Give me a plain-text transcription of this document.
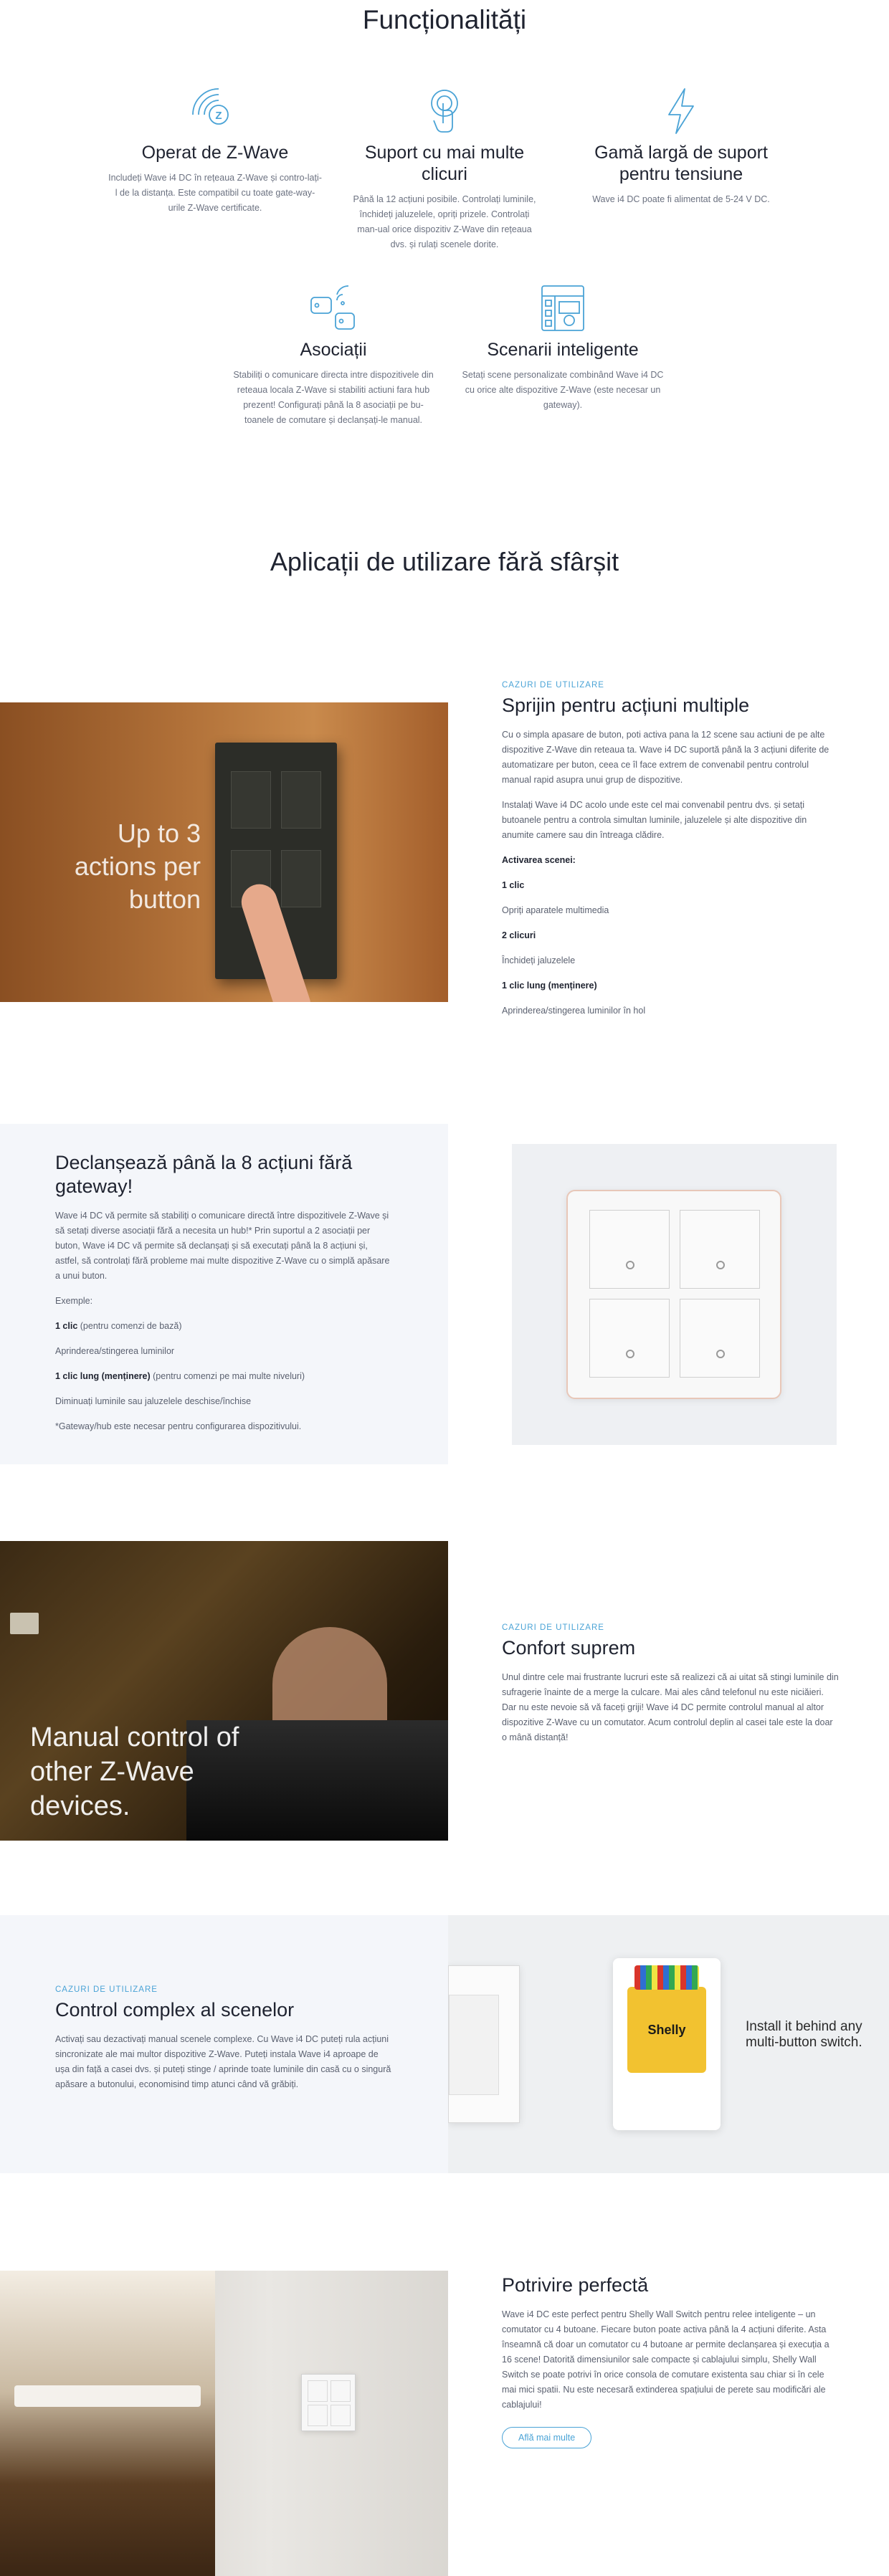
Funcționalități
Z
Operat de Z-Wave

Includeți Wave i4 DC în rețeaua Z-Wave și contro-lați-l de la distanța. Este compatibil cu toate gate-way-urile Z-Wave certificate.

Suport cu mai multe clicuri

Până la 12 acțiuni posibile. Controlați luminile, închideți jaluzelele, opriți prizele. Controlați man-ual orice dispozitiv Z-Wave din rețeaua dvs. și rulați scenele dorite.

Gamă largă de suport pentru tensiune

Wave i4 DC poate fi alimentat de 5-24 V DC.

Asociații

Stabiliți o comunicare directa intre dispozitivele din reteaua locala Z-Wave si stabiliti actiuni fara hub prezent! Configurați până la 8 asociații pe bu-toanele de comutare și declanșați-le manual.

Scenarii inteligente

Setați scene personalizate combinând Wave i4 DC cu orice alte dispozitive Z-Wave (este necesar un gateway).

Aplicații de utilizare fără sfârșit
Up to 3 actions per button
CAZURI DE UTILIZARE
Sprijin pentru acțiuni multiple

Cu o simpla apasare de buton, poti activa pana la 12 scene sau actiuni de pe alte dispozitive Z-Wave din reteaua ta. Wave i4 DC suportă până la 3 acțiuni diferite de automatizare per buton, ceea ce îl face extrem de convenabil pentru controlul manual rapid asupra unui grup de dispozitive.

Instalați Wave i4 DC acolo unde este cel mai convenabil pentru dvs. și setați butoanele pentru a controla simultan luminile, jaluzelele și alte dispozitive din anumite camere sau din întreaga clădire.

Activarea scenei:

1 clic

Opriți aparatele multimedia

2 clicuri

Închideți jaluzelele

1 clic lung (menținere)

Aprinderea/stingerea luminilor în hol

Declanșează până la 8 acțiuni fără gateway!

Wave i4 DC vă permite să stabiliți o comunicare directă între dispozitivele Z-Wave și să setați diverse asociații fără a necesita un hub!* Prin suportul a 2 asociații per buton, Wave i4 DC vă permite să declanșați și să executați până la 8 acțiuni și, astfel, să controlați fără probleme mai multe dispozitive Z-Wave cu o simplă apăsare a unui buton.

Exemple:

1 clic (pentru comenzi de bază)

Aprinderea/stingerea luminilor

1 clic lung (menținere) (pentru comenzi pe mai multe niveluri)

Diminuați luminile sau jaluzelele deschise/închise

*Gateway/hub este necesar pentru configurarea dispozitivului.

Manual control of other Z-Wave devices.
CAZURI DE UTILIZARE
Confort suprem

Unul dintre cele mai frustrante lucruri este să realizezi că ai uitat să stingi luminile din sufragerie înainte de a merge la culcare. Mai ales când telefonul nu este niciăieri. Dar nu este nevoie să vă faceți griji! Wave i4 DC permite controlul manual al altor dispozitive Z-Wave cu un comutator. Acum controlul deplin al casei tale este la doar o mână distanță!

CAZURI DE UTILIZARE
Control complex al scenelor

Activați sau dezactivați manual scenele complexe. Cu Wave i4 DC puteți rula acțiuni sincronizate ale mai multor dispozitive Z-Wave. Puteți instala Wave i4 aproape de ușa din față a casei dvs. și puteți stinge / aprinde toate luminile din casă cu o singură apăsare a butonului, economisind timp atunci când vă grăbiți.

Shelly	Install it behind any multi-button switch.
Potrivire perfectă

Wave i4 DC este perfect pentru Shelly Wall Switch pentru relee inteligente – un comutator cu 4 butoane. Fiecare buton poate activa până la 4 acțiuni diferite. Asta înseamnă că doar un comutator cu 4 butoane ar permite declanșarea și execuția a 16 scene! Datorită dimensiunilor sale compacte și cablajului simplu, Shelly Wall Switch se poate potrivi în orice consola de comutare existenta sau chiar si în cele mai mici spatii. Nu este necesară extinderea spațiului de perete sau modificări ale cablajului!

Află mai multe
